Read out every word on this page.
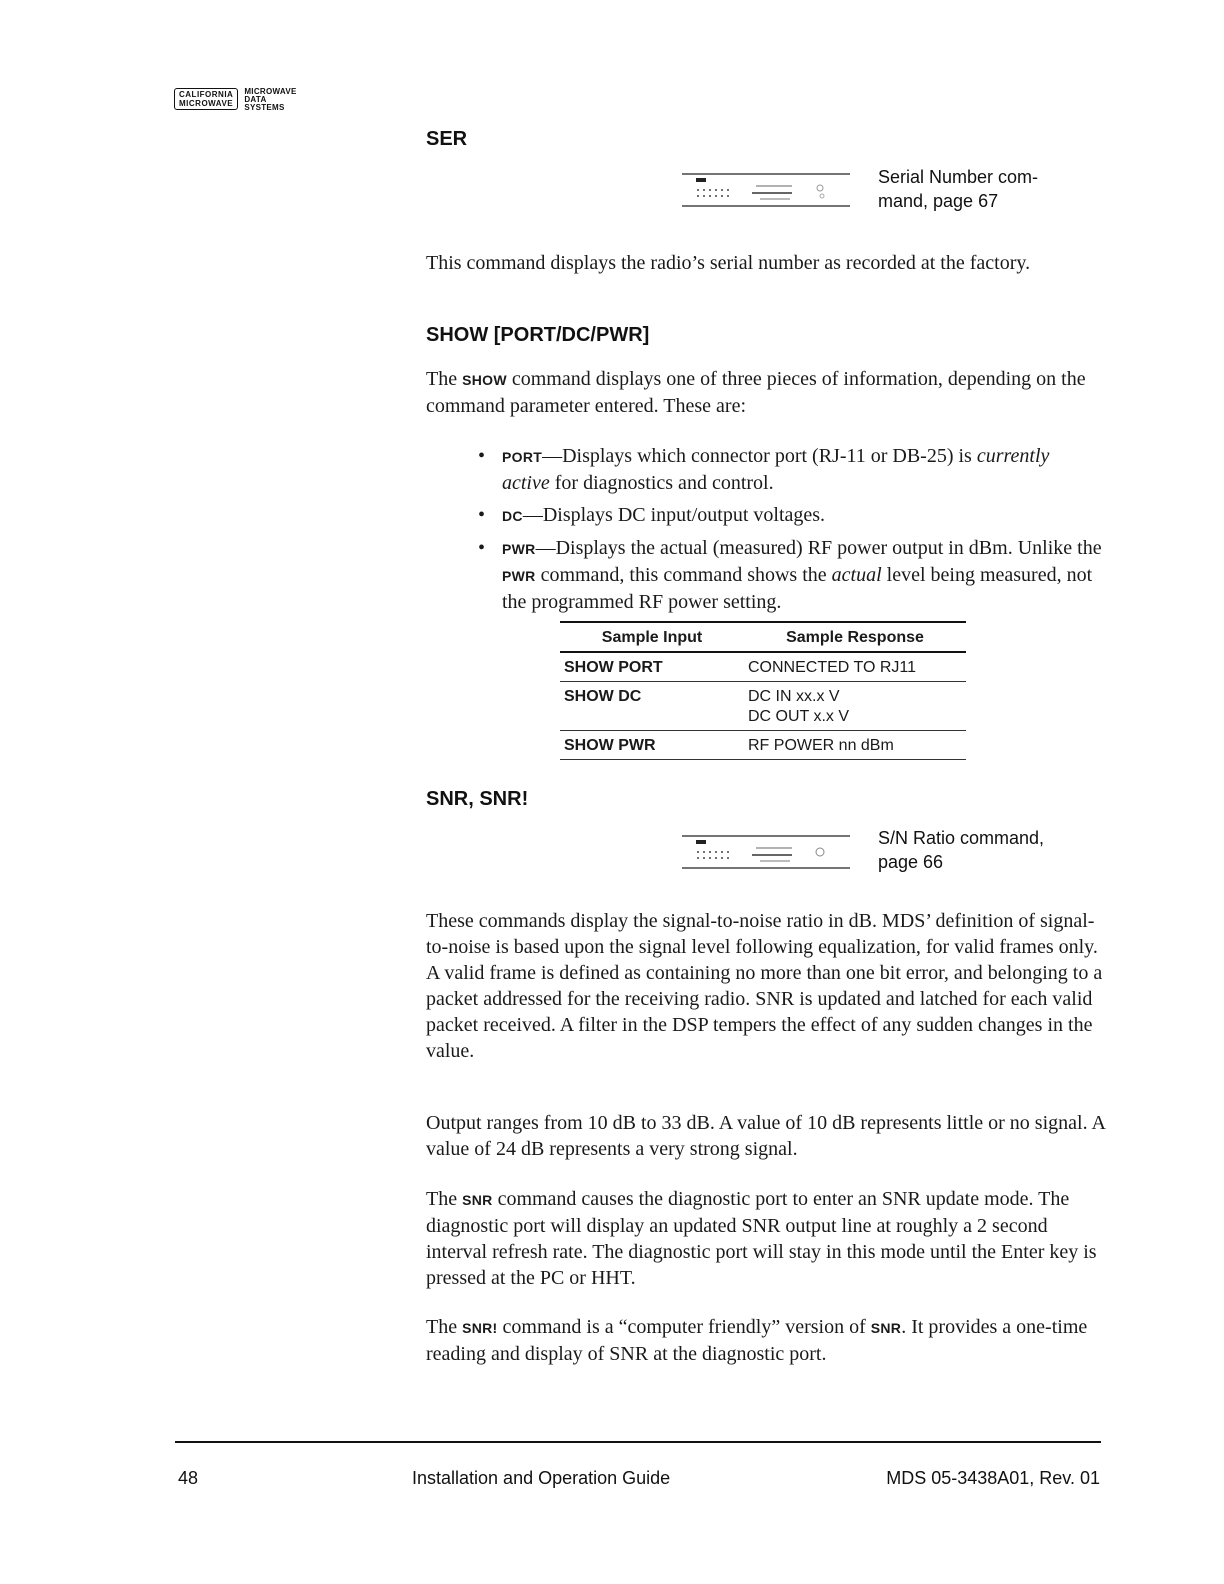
CALIFORNIA
MICROWAVE
MICROWAVE
DATA
SYSTEMS
SER
Serial Number com-
mand, page 67

This command displays the radio’s serial number as recorded at the factory.

SHOW [PORT/DC/PWR]

The SHOW command displays one of three pieces of information, depending on the command parameter entered. These are:

• PORT—Displays which connector port (RJ-11 or DB-25) is currently active for diagnostics and control.
• DC—Displays DC input/output voltages.
• PWR—Displays the actual (measured) RF power output in dBm. Unlike the PWR command, this command shows the actual level being measured, not the programmed RF power setting.
Sample Input	Sample Response
SHOW PORT	CONNECTED TO RJ11

SHOW DC	DC IN xx.x V
DC OUT x.x V

SHOW PWR	RF POWER nn dBm
SNR, SNR!
S/N Ratio command,
page 66

These commands display the signal-to-noise ratio in dB. MDS’ definition of signal-to-noise is based upon the signal level following equalization, for valid frames only. A valid frame is defined as containing no more than one bit error, and belonging to a packet addressed for the receiving radio. SNR is updated and latched for each valid packet received. A filter in the DSP tempers the effect of any sudden changes in the value.

Output ranges from 10 dB to 33 dB. A value of 10 dB represents little or no signal. A value of 24 dB represents a very strong signal.

The SNR command causes the diagnostic port to enter an SNR update mode. The diagnostic port will display an updated SNR output line at roughly a 2 second interval refresh rate. The diagnostic port will stay in this mode until the Enter key is pressed at the PC or HHT.

The SNR! command is a “computer friendly” version of SNR. It provides a one-time reading and display of SNR at the diagnostic port.

48	Installation and Operation Guide	MDS 05-3438A01, Rev. 01
